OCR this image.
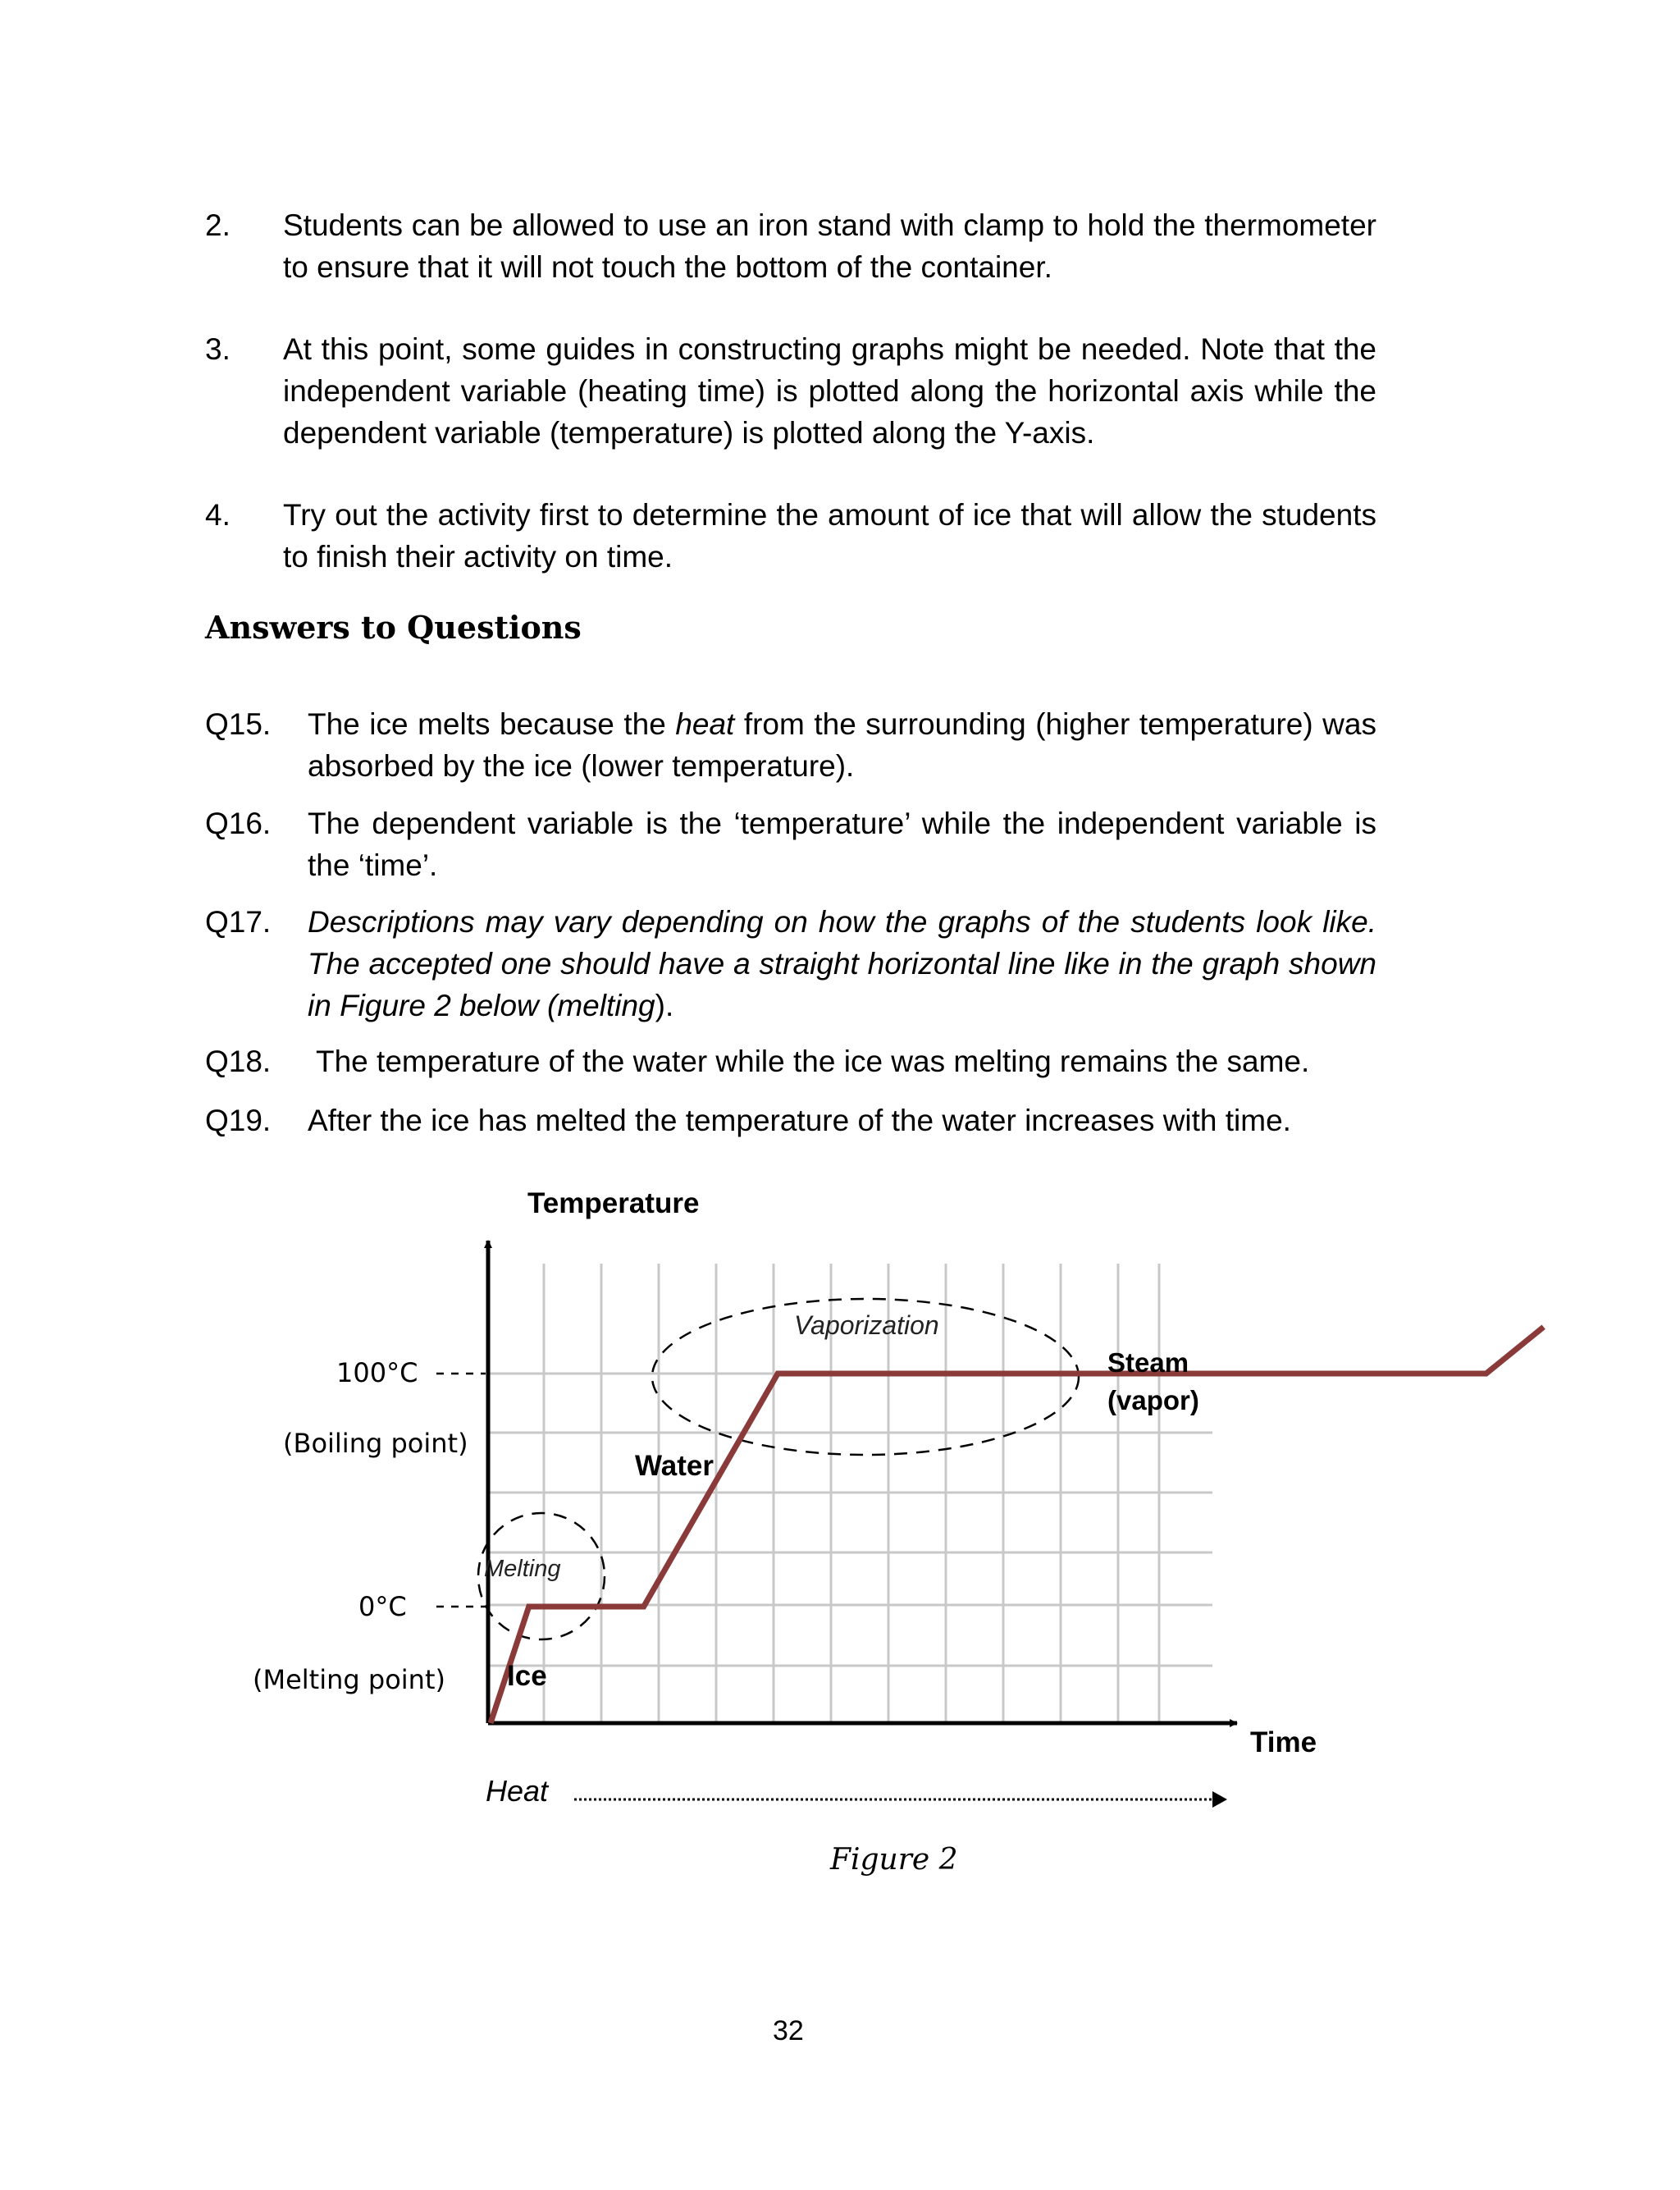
2. Students can be allowed to use an iron stand with clamp to hold the thermometer to ensure that it will not touch the bottom of the container.
3. At this point, some guides in constructing graphs might be needed. Note that the independent variable (heating time) is plotted along the horizontal axis while the dependent variable (temperature) is plotted along the Y-axis.
4. Try out the activity first to determine the amount of ice that will allow the students to finish their activity on time.
Answers to Questions
Q15. The ice melts because the heat from the surrounding (higher temperature) was absorbed by the ice (lower temperature).
Q16. The dependent variable is the ‘temperature’ while the independent variable is the ‘time’.
Q17. Descriptions may vary depending on how the graphs of the students look like. The accepted one should have a straight horizontal line like in the graph shown in Figure 2 below (melting).
Q18. The temperature of the water while the ice was melting remains the same.
Q19. After the ice has melted the temperature of the water increases with time.
Temperature
Time
100°C
(Boiling point)
0°C
(Melting point)
Vaporization
Melting
Water
Ice
Steam
(vapor)
Heat
Figure 2
32
